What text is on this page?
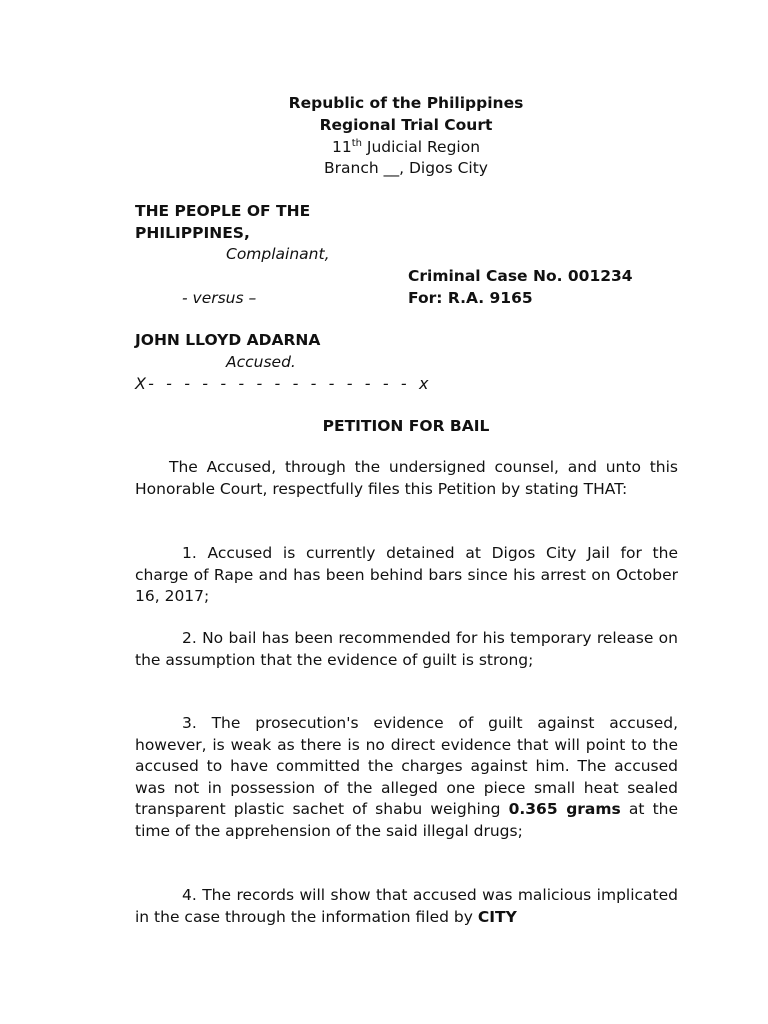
Republic of the Philippines
Regional Trial Court
11th Judicial Region
Branch __, Digos City
THE PEOPLE OF THE
PHILIPPINES,
Complainant,
Criminal Case No. 001234
- versus –	For: R.A. 9165
JOHN LLOYD ADARNA
Accused.
X- - - - - - - - - - - - - - - x
PETITION FOR BAIL
The Accused, through the undersigned counsel, and unto this Honorable Court, respectfully files this Petition by stating THAT:
1. Accused is currently detained at Digos City Jail for the charge of Rape and has been behind bars since his arrest on October 16, 2017;
2. No bail has been recommended for his temporary release on the assumption that the evidence of guilt is strong;
3. The prosecution's evidence of guilt against accused, however, is weak as there is no direct evidence that will point to the accused to have committed the charges against him. The accused was not in possession of the alleged one piece small heat sealed transparent plastic sachet of shabu weighing 0.365 grams at the time of the apprehension of the said illegal drugs;
4. The records will show that accused was malicious implicated in the case through the information filed by CITY
